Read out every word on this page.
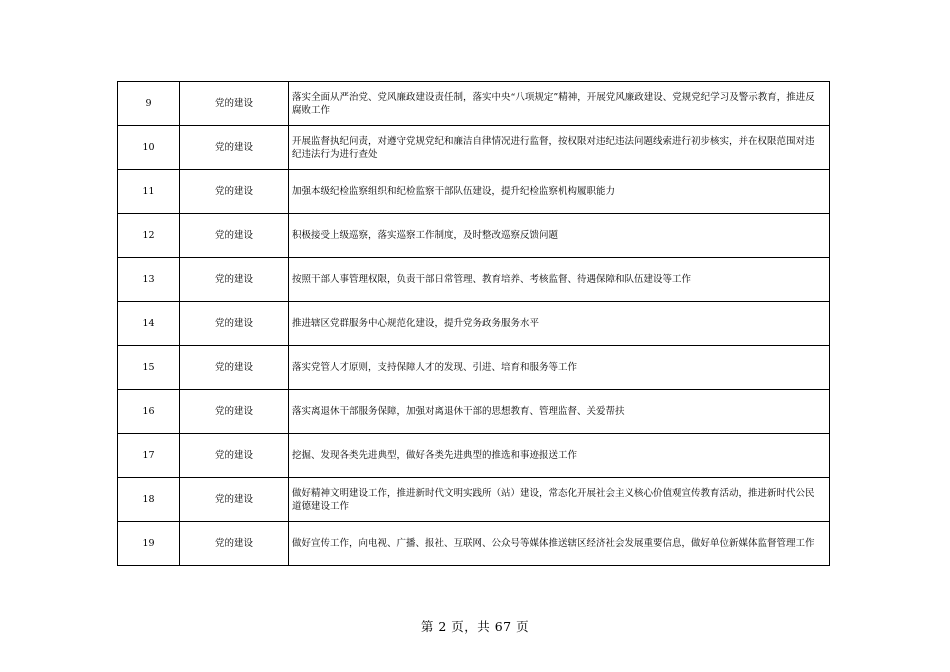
9	党的建设	落实全面从严治党、党风廉政建设责任制，落实中央“八项规定”精神，开展党风廉政建设、党规党纪学习及警示教育，推进反腐败工作
10	党的建设	开展监督执纪问责，对遵守党规党纪和廉洁自律情况进行监督，按权限对违纪违法问题线索进行初步核实，并在权限范围对违纪违法行为进行查处
11	党的建设	加强本级纪检监察组织和纪检监察干部队伍建设，提升纪检监察机构履职能力
12	党的建设	积极接受上级巡察，落实巡察工作制度，及时整改巡察反馈问题
13	党的建设	按照干部人事管理权限，负责干部日常管理、教育培养、考核监督、待遇保障和队伍建设等工作
14	党的建设	推进辖区党群服务中心规范化建设，提升党务政务服务水平
15	党的建设	落实党管人才原则，支持保障人才的发现、引进、培育和服务等工作
16	党的建设	落实离退休干部服务保障，加强对离退休干部的思想教育、管理监督、关爱帮扶
17	党的建设	挖掘、发现各类先进典型，做好各类先进典型的推选和事迹报送工作
18	党的建设	做好精神文明建设工作，推进新时代文明实践所（站）建设，常态化开展社会主义核心价值观宣传教育活动，推进新时代公民道德建设工作
19	党的建设	做好宣传工作，向电视、广播、报社、互联网、公众号等媒体推送辖区经济社会发展重要信息，做好单位新媒体监督管理工作
第 2 页，共 67 页
